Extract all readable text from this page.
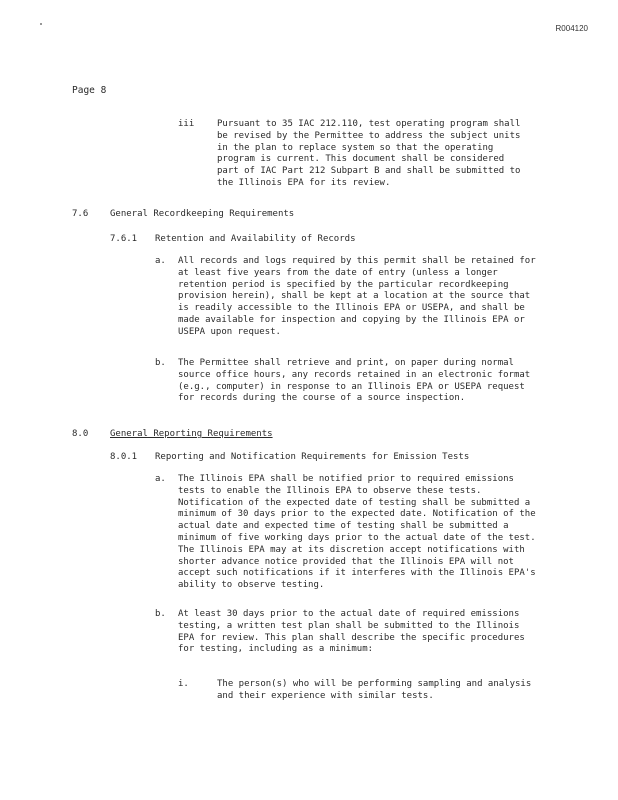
R004120
Page 8
iii	Pursuant to 35 IAC 212.110, test operating program shall be revised by the Permittee to address the subject units in the plan to replace system so that the operating program is current. This document shall be considered part of IAC Part 212 Subpart B and shall be submitted to the Illinois EPA for its review.
7.6 General Recordkeeping Requirements
7.6.1 Retention and Availability of Records
a. All records and logs required by this permit shall be retained for at least five years from the date of entry (unless a longer retention period is specified by the particular recordkeeping provision herein), shall be kept at a location at the source that is readily accessible to the Illinois EPA or USEPA, and shall be made available for inspection and copying by the Illinois EPA or USEPA upon request.
b. The Permittee shall retrieve and print, on paper during normal source office hours, any records retained in an electronic format (e.g., computer) in response to an Illinois EPA or USEPA request for records during the course of a source inspection.
8.0 General Reporting Requirements
8.0.1 Reporting and Notification Requirements for Emission Tests
a. The Illinois EPA shall be notified prior to required emissions tests to enable the Illinois EPA to observe these tests. Notification of the expected date of testing shall be submitted a minimum of 30 days prior to the expected date. Notification of the actual date and expected time of testing shall be submitted a minimum of five working days prior to the actual date of the test. The Illinois EPA may at its discretion accept notifications with shorter advance notice provided that the Illinois EPA will not accept such notifications if it interferes with the Illinois EPA's ability to observe testing.
b. At least 30 days prior to the actual date of required emissions testing, a written test plan shall be submitted to the Illinois EPA for review. This plan shall describe the specific procedures for testing, including as a minimum:
i.	The person(s) who will be performing sampling and analysis and their experience with similar tests.
